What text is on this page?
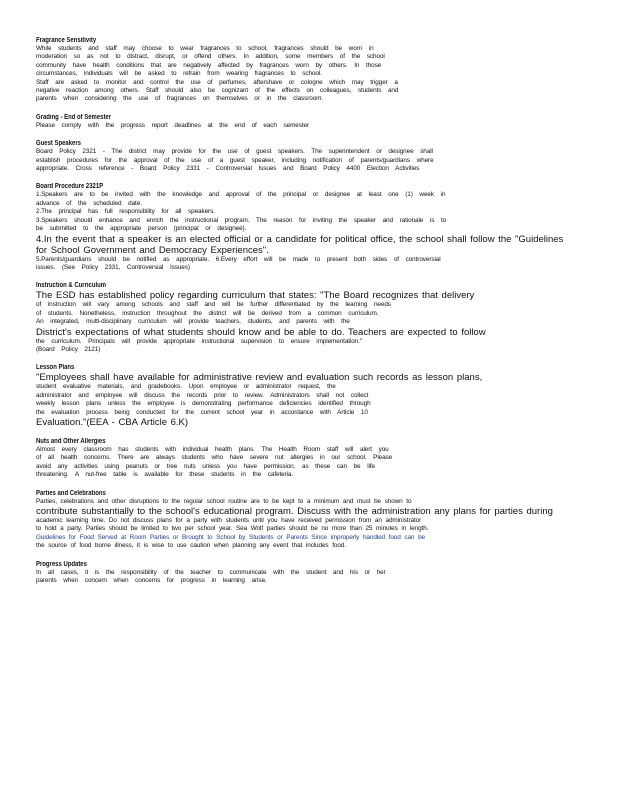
Fragrance Sensitivity
While students and staff may choose to wear fragrances to school, fragrances should be worn in
moderation so as not to distract, disrupt, or offend others. In addition, some members of the school
community have health conditions that are negatively affected by fragrances worn by others. In those
circumstances, individuals will be asked to refrain from wearing fragrances to school.
Staff are asked to monitor and control the use of perfumes, aftershave or cologne which may trigger a
negative reaction among others. Staff should also be cognizant of the effects on colleagues, students and
parents when considering the use of fragrances on themselves or in the classroom.
Grading - End of Semester
Please comply with the progress report deadlines at the end of each semester
Guest Speakers
Board Policy 2321 - The district may provide for the use of guest speakers. The superintendent or designee shall
establish procedures for the approval of the use of a guest speaker, including notification of parents/guardians where
appropriate. Cross reference - Board Policy 2331 - Controversial Issues and Board Policy 4400 Election Activities
Board Procedure 2321P
1.Speakers are to be invited with the knowledge and approval of the principal or designee at least one (1) week in
advance of the scheduled date.
2.The principal has full responsibility for all speakers.
3.Speakers should enhance and enrich the instructional program. The reason for inviting the speaker and rationale is to
be submitted to the appropriate person (principal or designee).
4.In the event that a speaker is an elected official or a candidate for political office, the school shall follow the "Guidelines
for School Government and Democracy Experiences".
5.Parents/guardians should be notified as appropriate. 6.Every effort will be made to present both sides of controversial
issues. (See Policy 2331, Controversial Issues)
Instruction & Curriculum
The ESD has established policy regarding curriculum that states: "The Board recognizes that delivery
of instruction will vary among schools and staff and will be further differentiated by the learning needs
of students. Nonetheless, instruction throughout the district will be derived from a common curriculum.
An integrated, multi-disciplinary curriculum will provide teachers, students, and parents with the
District's expectations of what students should know and be able to do. Teachers are expected to follow
the curriculum. Principals will provide appropriate instructional supervision to ensure implementation."
(Board Policy 2121)
Lesson Plans
"Employees shall have available for administrative review and evaluation such records as lesson plans,
student evaluative materials, and gradebooks. Upon employee or administrator request, the
administrator and employee will discuss the records prior to review. Administrators shall not collect
weekly lesson plans unless the employee is demonstrating performance deficiencies identified through
the evaluation process being conducted for the current school year in accordance with Article 10
Evaluation."(EEA - CBA Article 6.K)
Nuts and Other Allergies
Almost every classroom has students with individual health plans. The Health Room staff will alert you
of all health concerns. There are always students who have severe nut allergies in our school. Please
avoid any activities using peanuts or tree nuts unless you have permission, as these can be life
threatening. A nut-free table is available for these students in the cafeteria.
Parties and Celebrations
Parties, celebrations and other disruptions to the regular school routine are to be kept to a minimum and must be shown to
contribute substantially to the school's educational program. Discuss with the administration any plans for parties during
academic learning time. Do not discuss plans for a party with students until you have received permission from an administrator
to hold a party. Parties should be limited to two per school year. Sea Wolf parties should be no more than 25 minutes in length.
Guidelines for Food Served at Room Parties or Brought to School by Students or Parents Since improperly handled food can be
the source of food borne illness, it is wise to use caution when planning any event that includes food.
Progress Updates
In all cases, it is the responsibility of the teacher to communicate with the student and his or her
parents when concern when concerns for progress in learning arise.
